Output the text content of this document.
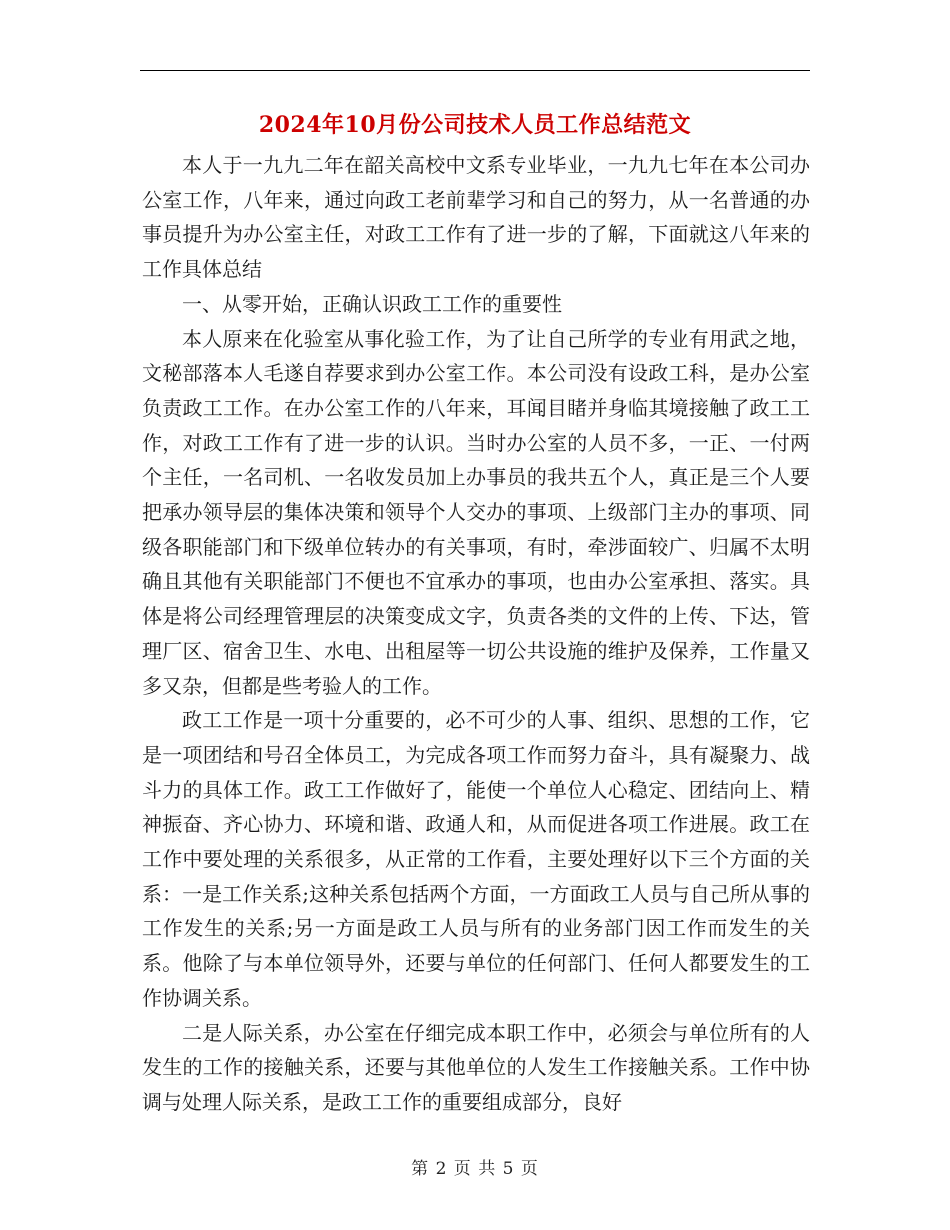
2024年10月份公司技术人员工作总结范文

本人于一九九二年在韶关高校中文系专业毕业，一九九七年在本公司办公室工作，八年来，通过向政工老前辈学习和自己的努力，从一名普通的办事员提升为办公室主任，对政工工作有了进一步的了解，下面就这八年来的工作具体总结

一、从零开始，正确认识政工工作的重要性

本人原来在化验室从事化验工作，为了让自己所学的专业有用武之地，文秘部落本人毛遂自荐要求到办公室工作。本公司没有设政工科，是办公室负责政工工作。在办公室工作的八年来，耳闻目睹并身临其境接触了政工工作，对政工工作有了进一步的认识。当时办公室的人员不多，一正、一付两个主任，一名司机、一名收发员加上办事员的我共五个人，真正是三个人要把承办领导层的集体决策和领导个人交办的事项、上级部门主办的事项、同级各职能部门和下级单位转办的有关事项，有时，牵涉面较广、归属不太明确且其他有关职能部门不便也不宜承办的事项，也由办公室承担、落实。具体是将公司经理管理层的决策变成文字，负责各类的文件的上传、下达，管理厂区、宿舍卫生、水电、出租屋等一切公共设施的维护及保养，工作量又多又杂，但都是些考验人的工作。

政工工作是一项十分重要的，必不可少的人事、组织、思想的工作，它是一项团结和号召全体员工，为完成各项工作而努力奋斗，具有凝聚力、战斗力的具体工作。政工工作做好了，能使一个单位人心稳定、团结向上、精神振奋、齐心协力、环境和谐、政通人和，从而促进各项工作进展。政工在工作中要处理的关系很多，从正常的工作看，主要处理好以下三个方面的关系：一是工作关系;这种关系包括两个方面，一方面政工人员与自己所从事的工作发生的关系;另一方面是政工人员与所有的业务部门因工作而发生的关系。他除了与本单位领导外，还要与单位的任何部门、任何人都要发生的工作协调关系。

二是人际关系，办公室在仔细完成本职工作中，必须会与单位所有的人发生的工作的接触关系，还要与其他单位的人发生工作接触关系。工作中协调与处理人际关系，是政工工作的重要组成部分，良好

第 2 页 共 5 页
